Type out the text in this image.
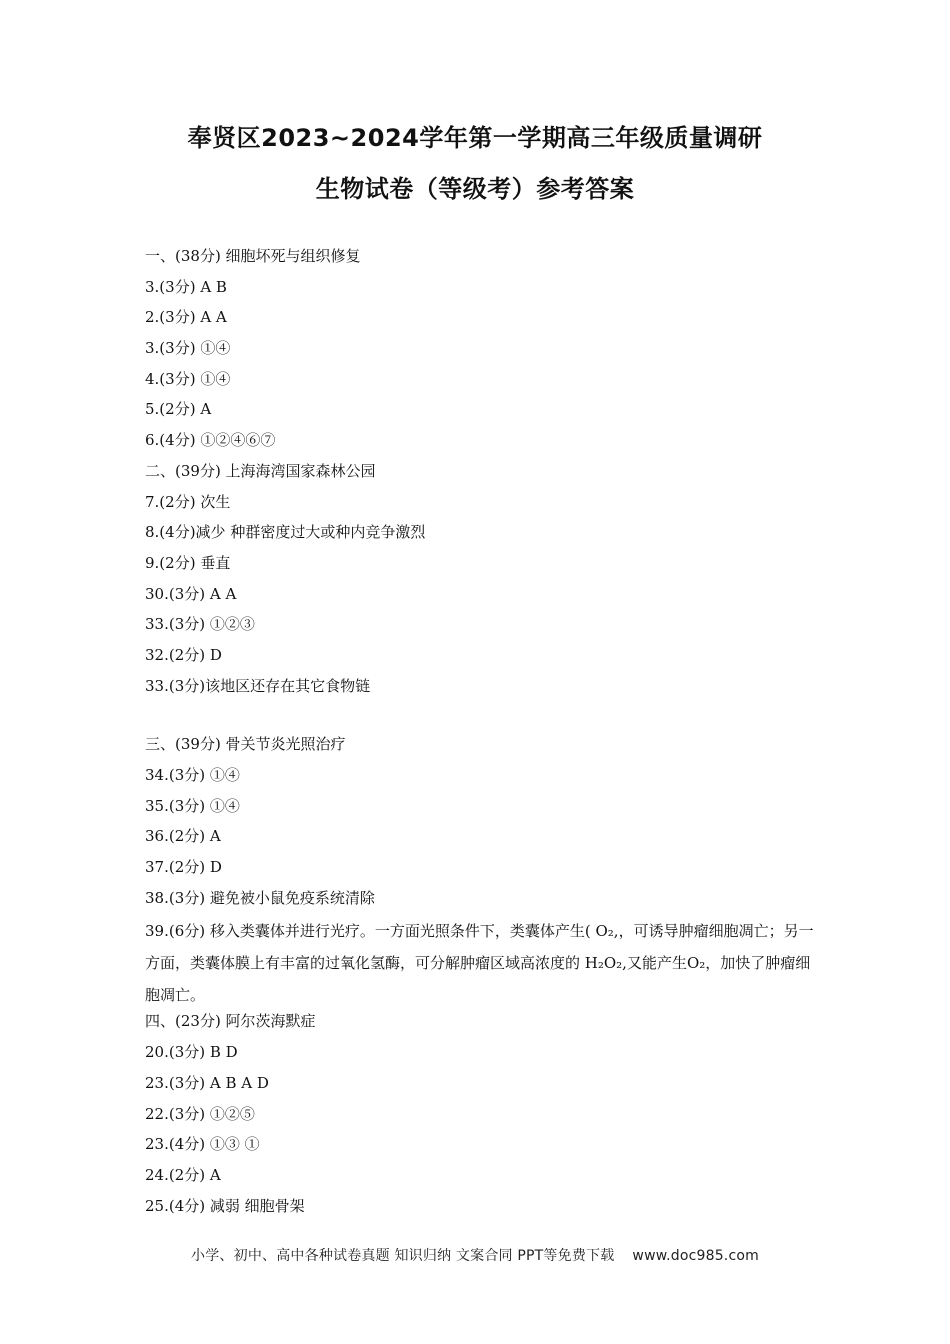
奉贤区2023~2024学年第一学期高三年级质量调研
生物试卷（等级考）参考答案
一、(38分) 细胞坏死与组织修复
3.(3分) A B
2.(3分) A A
3.(3分) ①④
4.(3分) ①④
5.(2分) A
6.(4分) ①②④⑥⑦
二、(39分) 上海海湾国家森林公园
7.(2分) 次生
8.(4分)减少 种群密度过大或种内竞争激烈
9.(2分) 垂直
30.(3分) A A
33.(3分) ①②③
32.(2分) D
33.(3分)该地区还存在其它食物链
三、(39分) 骨关节炎光照治疗
34.(3分) ①④
35.(3分) ①④
36.(2分) A
37.(2分) D
38.(3分) 避免被小鼠免疫系统清除
39.(6分) 移入类囊体并进行光疗。一方面光照条件下，类囊体产生( O₂,，可诱导肿瘤细胞凋亡；另一方面，类囊体膜上有丰富的过氧化氢酶，可分解肿瘤区域高浓度的 H₂O₂,又能产生O₂，加快了肿瘤细胞凋亡。
四、(23分) 阿尔茨海默症
20.(3分) B D
23.(3分) A B A D
22.(3分) ①②⑤
23.(4分) ①③ ①
24.(2分) A
25.(4分) 减弱 细胞骨架
小学、初中、高中各种试卷真题 知识归纳 文案合同 PPT等免费下载 www.doc985.com
